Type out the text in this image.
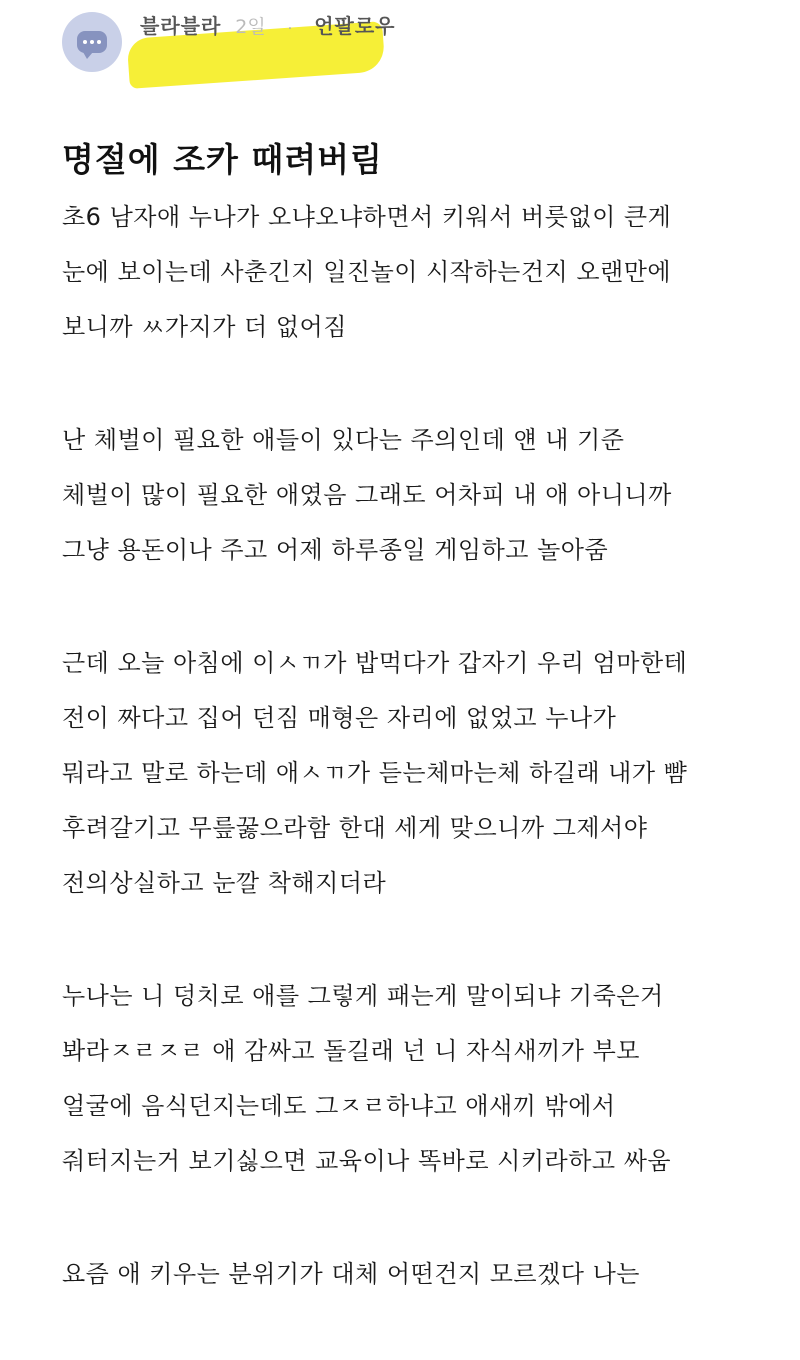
블라블라 2일 · 언팔로우
명절에 조카 때려버림
초6 남자애 누나가 오냐오냐하면서 키워서 버릇없이 큰게
눈에 보이는데 사춘긴지 일진놀이 시작하는건지 오랜만에
보니까 ㅆ가지가 더 없어짐
난 체벌이 필요한 애들이 있다는 주의인데 얜 내 기준
체벌이 많이 필요한 애였음 그래도 어차피 내 애 아니니까
그냥 용돈이나 주고 어제 하루종일 게임하고 놀아줌
근데 오늘 아침에 이ㅅㄲ가 밥먹다가 갑자기 우리 엄마한테
전이 짜다고 집어 던짐 매형은 자리에 없었고 누나가
뭐라고 말로 하는데 애ㅅㄲ가 듣는체마는체 하길래 내가 뺨
후려갈기고 무릎꿇으라함 한대 세게 맞으니까 그제서야
전의상실하고 눈깔 착해지더라
누나는 니 덩치로 애를 그렇게 패는게 말이되냐 기죽은거
봐라ㅈㄹㅈㄹ 애 감싸고 돌길래 넌 니 자식새끼가 부모
얼굴에 음식던지는데도 그ㅈㄹ하냐고 애새끼 밖에서
줘터지는거 보기싫으면 교육이나 똑바로 시키라하고 싸움
요즘 애 키우는 분위기가 대체 어떤건지 모르겠다 나는
